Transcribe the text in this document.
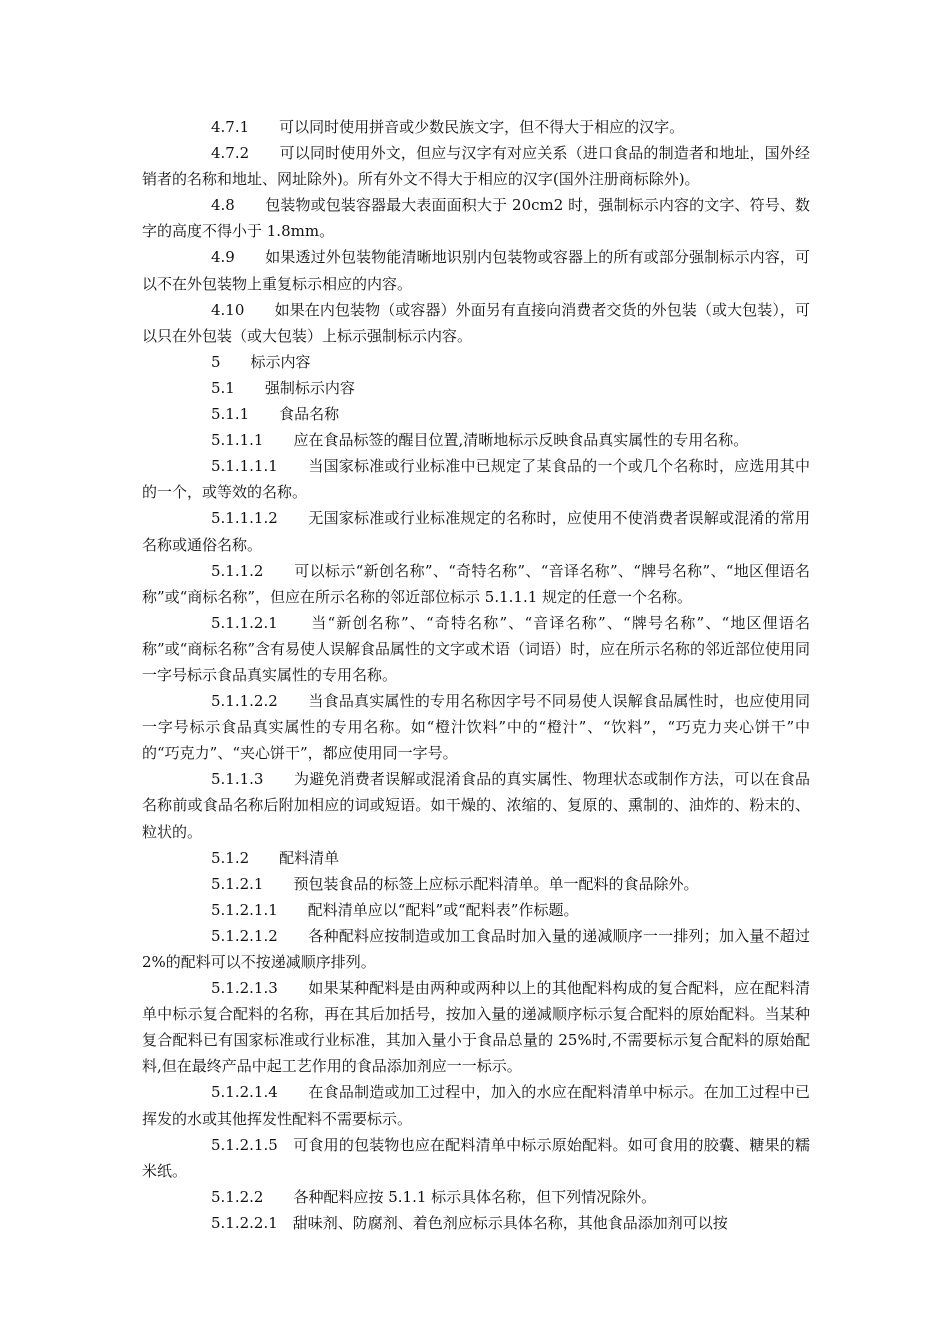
4.7.1　　可以同时使用拼音或少数民族文字，但不得大于相应的汉字。

4.7.2　　可以同时使用外文，但应与汉字有对应关系（进口食品的制造者和地址，国外经销者的名称和地址、网址除外)。所有外文不得大于相应的汉字(国外注册商标除外)。

4.8　　包装物或包装容器最大表面面积大于 20cm2 时，强制标示内容的文字、符号、数字的高度不得小于 1.8mm。

4.9　　如果透过外包装物能清晰地识别内包装物或容器上的所有或部分强制标示内容，可以不在外包装物上重复标示相应的内容。

4.10　　如果在内包装物（或容器）外面另有直接向消费者交货的外包装（或大包装），可以只在外包装（或大包装）上标示强制标示内容。

5　　标示内容

5.1　　强制标示内容

5.1.1　　食品名称

5.1.1.1　　应在食品标签的醒目位置,清晰地标示反映食品真实属性的专用名称。

5.1.1.1.1　　当国家标准或行业标准中已规定了某食品的一个或几个名称时，应选用其中的一个，或等效的名称。

5.1.1.1.2　　无国家标准或行业标准规定的名称时，应使用不使消费者误解或混淆的常用名称或通俗名称。

5.1.1.2　　可以标示“新创名称”、“奇特名称”、“音译名称”、“牌号名称”、“地区俚语名称”或“商标名称”，但应在所示名称的邻近部位标示 5.1.1.1 规定的任意一个名称。

5.1.1.2.1　　当“新创名称”、“奇特名称”、“音译名称”、“牌号名称”、“地区俚语名称”或“商标名称”含有易使人误解食品属性的文字或术语（词语）时，应在所示名称的邻近部位使用同一字号标示食品真实属性的专用名称。

5.1.1.2.2　　当食品真实属性的专用名称因字号不同易使人误解食品属性时，也应使用同一字号标示食品真实属性的专用名称。如“橙汁饮料”中的“橙汁”、“饮料”，“巧克力夹心饼干”中的“巧克力”、“夹心饼干”，都应使用同一字号。

5.1.1.3　　为避免消费者误解或混淆食品的真实属性、物理状态或制作方法，可以在食品名称前或食品名称后附加相应的词或短语。如干燥的、浓缩的、复原的、熏制的、油炸的、粉末的、粒状的。

5.1.2　　配料清单

5.1.2.1　　预包装食品的标签上应标示配料清单。单一配料的食品除外。

5.1.2.1.1　　配料清单应以“配料”或“配料表”作标题。

5.1.2.1.2　　各种配料应按制造或加工食品时加入量的递减顺序一一排列；加入量不超过 2%的配料可以不按递减顺序排列。

5.1.2.1.3　　如果某种配料是由两种或两种以上的其他配料构成的复合配料，应在配料清单中标示复合配料的名称，再在其后加括号，按加入量的递减顺序标示复合配料的原始配料。当某种复合配料已有国家标准或行业标准，其加入量小于食品总量的 25%时,不需要标示复合配料的原始配料,但在最终产品中起工艺作用的食品添加剂应一一标示。

5.1.2.1.4　　在食品制造或加工过程中，加入的水应在配料清单中标示。在加工过程中已挥发的水或其他挥发性配料不需要标示。

5.1.2.1.5　可食用的包装物也应在配料清单中标示原始配料。如可食用的胶囊、糖果的糯米纸。

5.1.2.2　　各种配料应按 5.1.1 标示具体名称，但下列情况除外。

5.1.2.2.1　甜味剂、防腐剂、着色剂应标示具体名称，其他食品添加剂可以按
